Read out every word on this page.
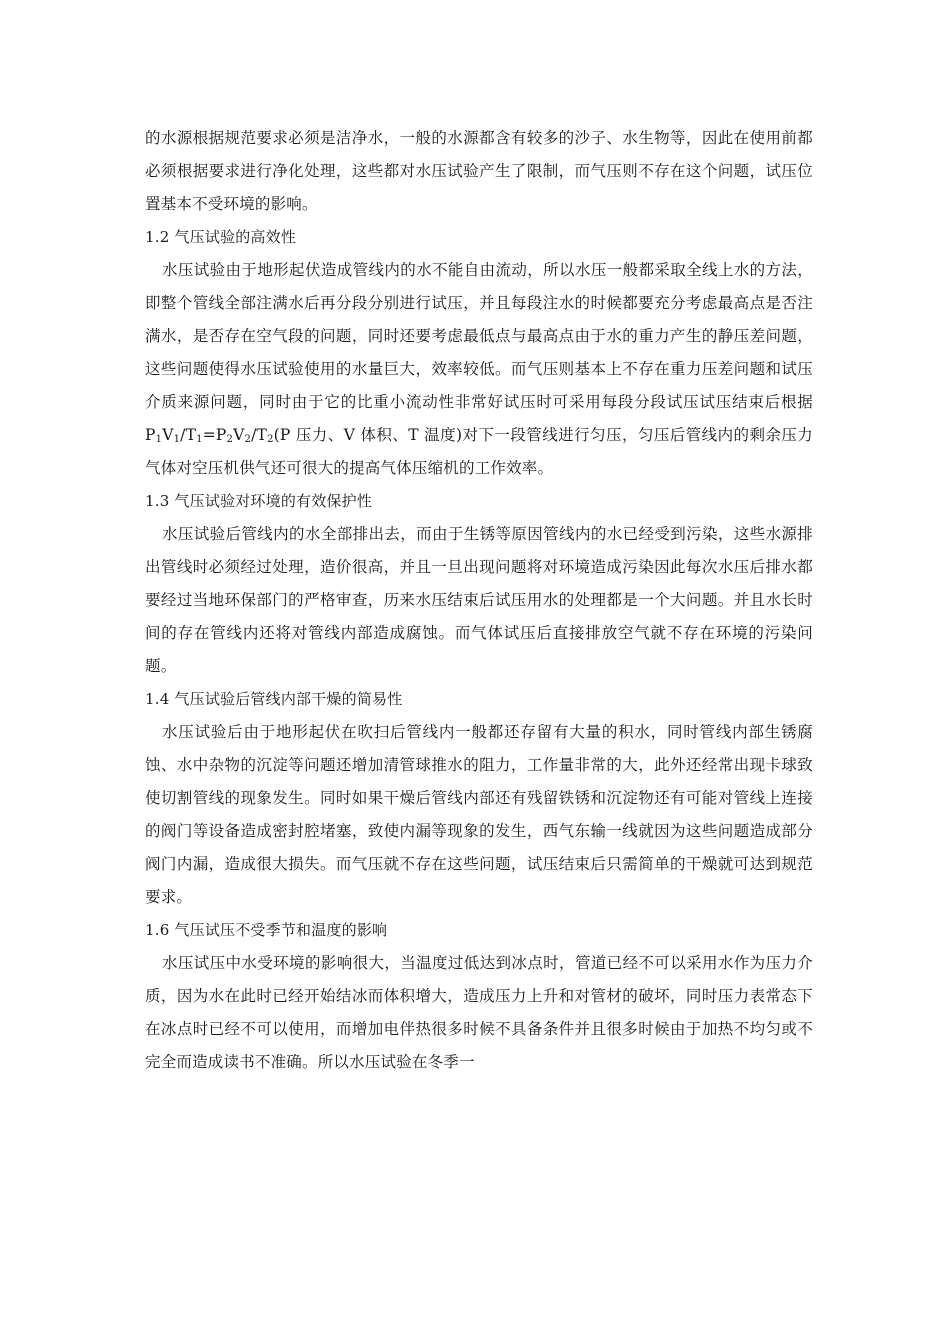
的水源根据规范要求必须是洁净水，一般的水源都含有较多的沙子、水生物等，因此在使用前都必须根据要求进行净化处理，这些都对水压试验产生了限制，而气压则不存在这个问题，试压位置基本不受环境的影响。

1.2 气压试验的高效性

水压试验由于地形起伏造成管线内的水不能自由流动，所以水压一般都采取全线上水的方法，即整个管线全部注满水后再分段分别进行试压，并且每段注水的时候都要充分考虑最高点是否注满水，是否存在空气段的问题，同时还要考虑最低点与最高点由于水的重力产生的静压差问题，这些问题使得水压试验使用的水量巨大，效率较低。而气压则基本上不存在重力压差问题和试压介质来源问题，同时由于它的比重小流动性非常好试压时可采用每段分段试压试压结束后根据 $P_1V_1/T_1=P_2V_2/T_2(P$ 压力、V 体积、T 温度)对下一段管线进行匀压，匀压后管线内的剩余压力气体对空压机供气还可很大的提高气体压缩机的工作效率。

1.3 气压试验对环境的有效保护性

水压试验后管线内的水全部排出去，而由于生锈等原因管线内的水已经受到污染，这些水源排出管线时必须经过处理，造价很高，并且一旦出现问题将对环境造成污染因此每次水压后排水都要经过当地环保部门的严格审查，历来水压结束后试压用水的处理都是一个大问题。并且水长时间的存在管线内还将对管线内部造成腐蚀。而气体试压后直接排放空气就不存在环境的污染问题。

1.4 气压试验后管线内部干燥的简易性

水压试验后由于地形起伏在吹扫后管线内一般都还存留有大量的积水，同时管线内部生锈腐蚀、水中杂物的沉淀等问题还增加清管球推水的阻力，工作量非常的大，此外还经常出现卡球致使切割管线的现象发生。同时如果干燥后管线内部还有残留铁锈和沉淀物还有可能对管线上连接的阀门等设备造成密封腔堵塞，致使内漏等现象的发生，西气东输一线就因为这些问题造成部分阀门内漏，造成很大损失。而气压就不存在这些问题，试压结束后只需简单的干燥就可达到规范要求。

1.6 气压试压不受季节和温度的影响

水压试压中水受环境的影响很大，当温度过低达到冰点时，管道已经不可以采用水作为压力介质，因为水在此时已经开始结冰而体积增大，造成压力上升和对管材的破坏，同时压力表常态下在冰点时已经不可以使用，而增加电伴热很多时候不具备条件并且很多时候由于加热不均匀或不完全而造成读书不准确。所以水压试验在冬季一
